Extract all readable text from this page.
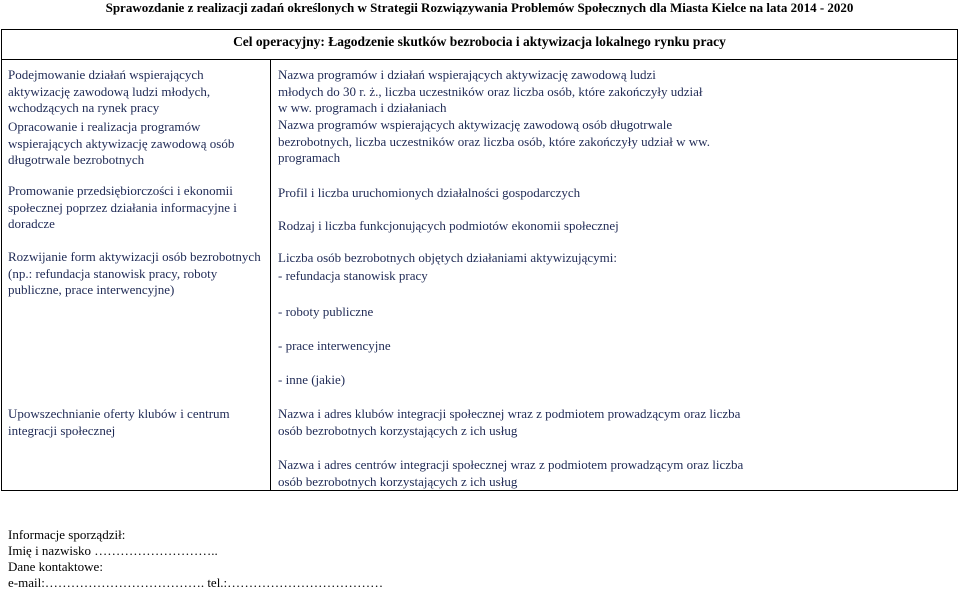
Sprawozdanie z realizacji zadań określonych w Strategii Rozwiązywania Problemów Społecznych dla Miasta Kielce na lata 2014 - 2020
Cel operacyjny: Łagodzenie skutków bezrobocia i aktywizacja lokalnego rynku pracy
Podejmowanie działań wspierających aktywizację zawodową ludzi młodych, wchodzących na rynek pracy
Opracowanie i realizacja programów wspierających aktywizację zawodową osób długotrwale bezrobotnych
Promowanie przedsiębiorczości i ekonomii społecznej poprzez działania informacyjne i doradcze
Rozwijanie form aktywizacji osób bezrobotnych (np.: refundacja stanowisk pracy, roboty publiczne, prace interwencyjne)
Upowszechnianie oferty klubów i centrum integracji społecznej
Nazwa programów i działań wspierających aktywizację zawodową ludzi młodych do 30 r. ż., liczba uczestników oraz liczba osób, które zakończyły udział w ww. programach i działaniach
Nazwa programów wspierających aktywizację zawodową osób długotrwale bezrobotnych, liczba uczestników oraz liczba osób, które zakończyły udział w ww. programach
Profil i liczba uruchomionych działalności gospodarczych
Rodzaj i liczba funkcjonujących podmiotów ekonomii społecznej
Liczba osób bezrobotnych objętych działaniami aktywizującymi:
- refundacja stanowisk pracy
- roboty publiczne
- prace interwencyjne
- inne (jakie)
Nazwa i adres klubów integracji społecznej wraz z podmiotem prowadzącym oraz liczba osób bezrobotnych korzystających z ich usług
Nazwa i adres centrów integracji społecznej wraz z podmiotem prowadzącym oraz liczba osób bezrobotnych korzystających z ich usług
Informacje sporządził:
Imię i nazwisko ………………………..
Dane kontaktowe:
e-mail:………………………………. tel.:………………………………
